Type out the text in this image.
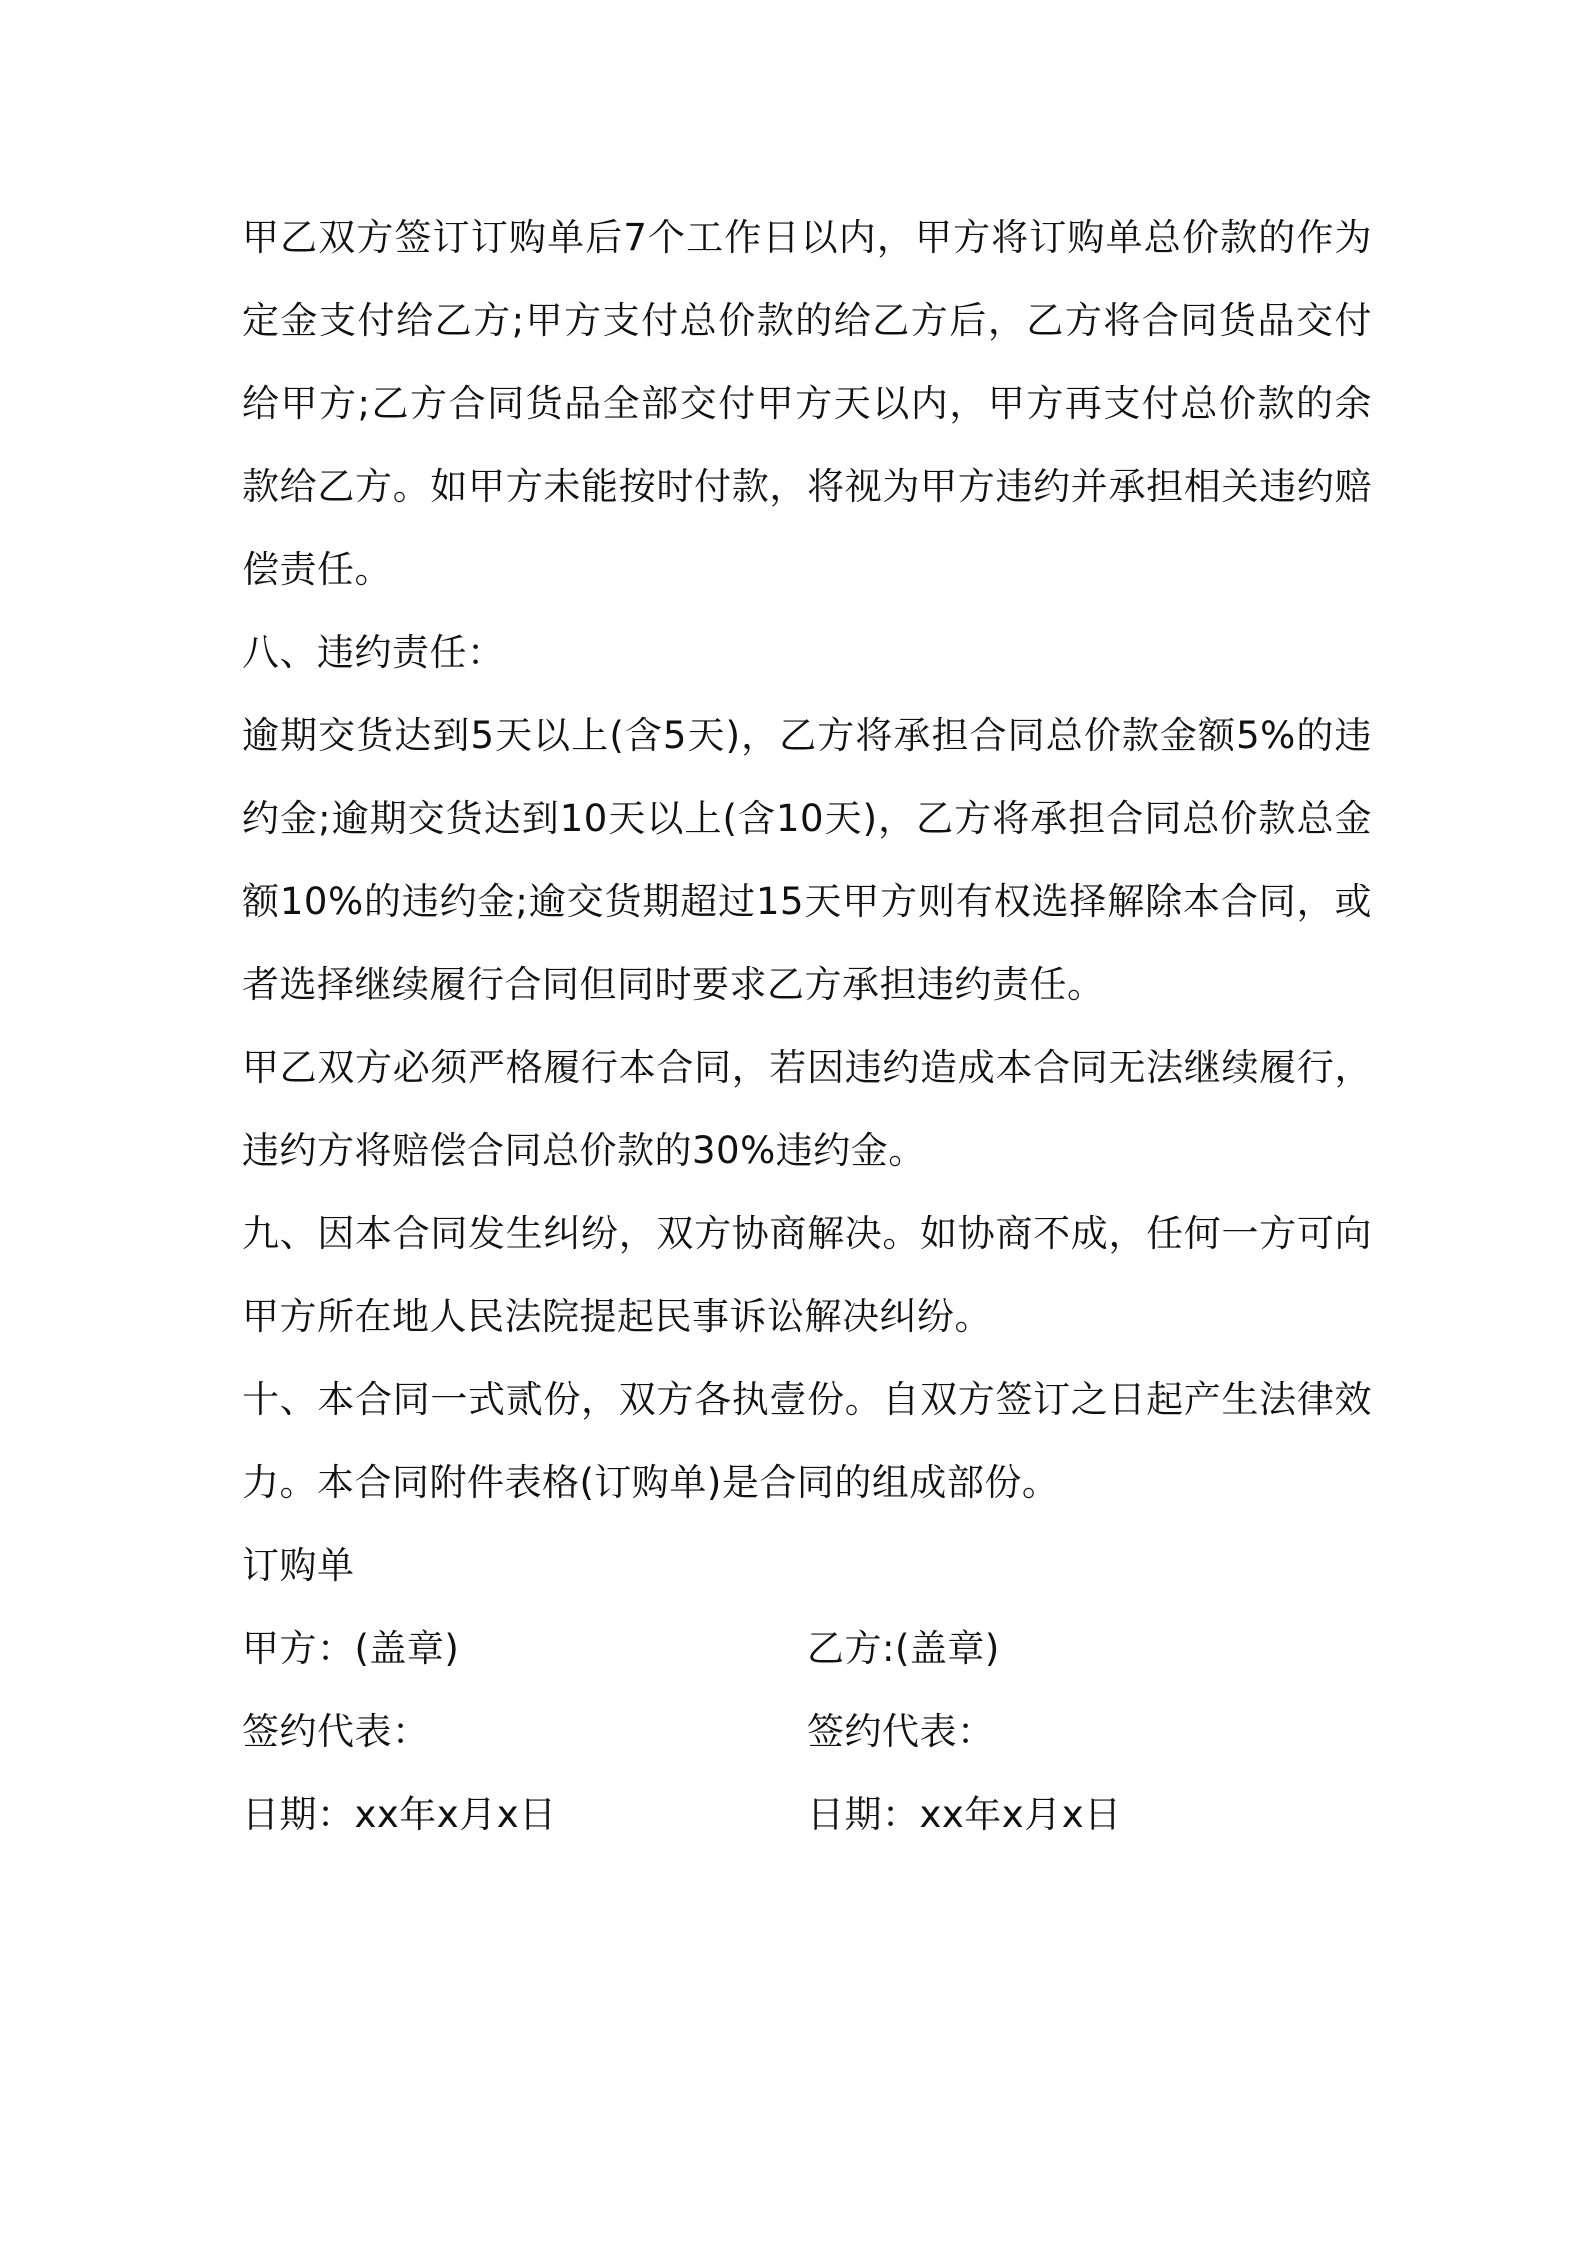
甲乙双方签订订购单后7个工作日以内，甲方将订购单总价款的作为定金支付给乙方;甲方支付总价款的给乙方后，乙方将合同货品交付给甲方;乙方合同货品全部交付甲方天以内，甲方再支付总价款的余款给乙方。如甲方未能按时付款，将视为甲方违约并承担相关违约赔偿责任。

八、违约责任：

逾期交货达到5天以上(含5天)，乙方将承担合同总价款金额5%的违约金;逾期交货达到10天以上(含10天)，乙方将承担合同总价款总金额10%的违约金;逾交货期超过15天甲方则有权选择解除本合同，或者选择继续履行合同但同时要求乙方承担违约责任。

甲乙双方必须严格履行本合同，若因违约造成本合同无法继续履行，违约方将赔偿合同总价款的30%违约金。

九、因本合同发生纠纷，双方协商解决。如协商不成，任何一方可向甲方所在地人民法院提起民事诉讼解决纠纷。

十、本合同一式贰份，双方各执壹份。自双方签订之日起产生法律效力。本合同附件表格(订购单)是合同的组成部份。

订购单

甲方：(盖章)	乙方:(盖章)
签约代表：	签约代表：
日期：xx年x月x日	日期：xx年x月x日
